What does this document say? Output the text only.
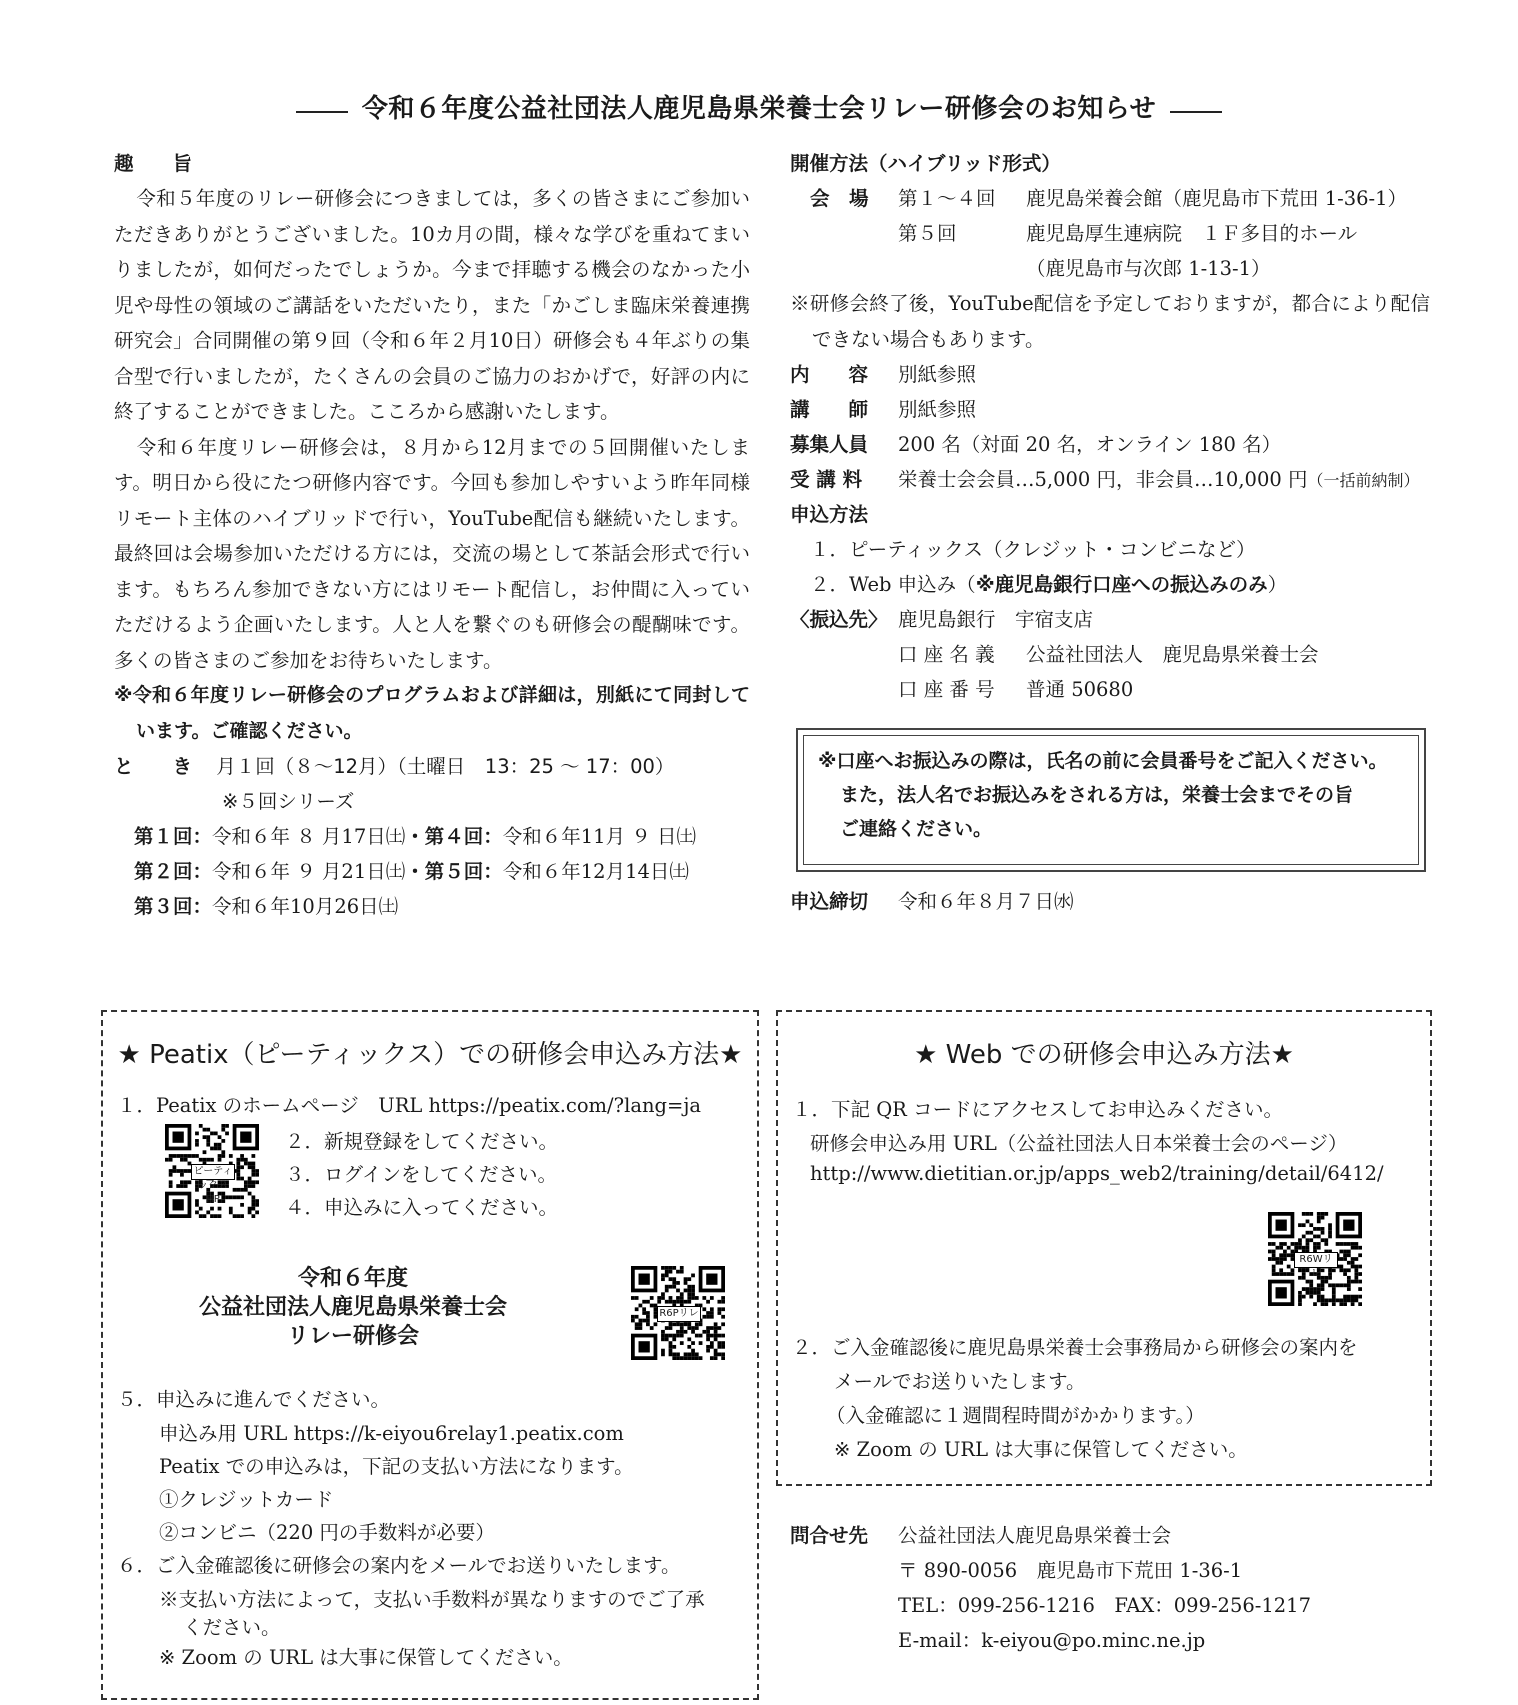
令和６年度公益社団法人鹿児島県栄養士会リレー研修会のお知らせ
趣　　旨
令和５年度のリレー研修会につきましては，多くの皆さまにご参加いただきありがとうございました。10カ月の間，様々な学びを重ねてまいりましたが，如何だったでしょうか。今まで拝聴する機会のなかった小児や母性の領域のご講話をいただいたり，また「かごしま臨床栄養連携研究会」合同開催の第９回（令和６年２月10日）研修会も４年ぶりの集合型で行いましたが，たくさんの会員のご協力のおかげで，好評の内に終了することができました。こころから感謝いたします。
令和６年度リレー研修会は，８月から12月までの５回開催いたします。明日から役にたつ研修内容です。今回も参加しやすいよう昨年同様リモート主体のハイブリッドで行い，YouTube配信も継続いたします。最終回は会場参加いただける方には，交流の場として茶話会形式で行います。もちろん参加できない方にはリモート配信し，お仲間に入っていただけるよう企画いたします。人と人を繋ぐのも研修会の醍醐味です。多くの皆さまのご参加をお待ちいたします。
※令和６年度リレー研修会のプログラムおよび詳細は，別紙にて同封しています。ご確認ください。
と　　き 月１回（８～12月）（土曜日　13：25 ～ 17：00）
※５回シリーズ
第１回：令和６年 ８ 月17日㈯・第４回：令和６年11月 ９ 日㈯
第２回：令和６年 ９ 月21日㈯・第５回：令和６年12月14日㈯
第３回：令和６年10月26日㈯
開催方法（ハイブリッド形式）
会　場 第１～４回 鹿児島栄養会館（鹿児島市下荒田 1-36-1）
第５回	鹿児島厚生連病院　１Ｆ多目的ホール
（鹿児島市与次郎 1-13-1）
※研修会終了後，YouTube配信を予定しておりますが，都合により配信できない場合もあります。
内　　容 別紙参照
講　　師 別紙参照
募集人員 200 名（対面 20 名，オンライン 180 名）
受 講 料 栄養士会会員…5,000 円，非会員…10,000 円（一括前納制）
申込方法
１．ピーティックス（クレジット・コンビニなど）
２．Web 申込み（※鹿児島銀行口座への振込みのみ）
〈振込先〉 鹿児島銀行　宇宿支店
口 座 名 義 公益社団法人　鹿児島県栄養士会
口 座 番 号 普通 50680
※口座へお振込みの際は，氏名の前に会員番号をご記入ください。
また，法人名でお振込みをされる方は，栄養士会までその旨
ご連絡ください。
申込締切 令和６年８月７日㈬
★ Peatix（ピーティックス）での研修会申込み方法★
１．Peatix のホームページ　URL https://peatix.com/?lang=ja
ピーティックスHP
２．新規登録をしてください。
３．ログインをしてください。
４．申込みに入ってください。
令和６年度
公益社団法人鹿児島県栄養士会
リレー研修会
R6Pリレ
５．申込みに進んでください。
申込み用 URL https://k-eiyou6relay1.peatix.com
Peatix での申込みは，下記の支払い方法になります。
①クレジットカード
②コンビニ（220 円の手数料が必要）
６．ご入金確認後に研修会の案内をメールでお送りいたします。
※支払い方法によって，支払い手数料が異なりますのでご了承
ください。
※ Zoom の URL は大事に保管してください。
★ Web での研修会申込み方法★
１．下記 QR コードにアクセスしてお申込みください。
研修会申込み用 URL（公益社団法人日本栄養士会のページ）
http://www.dietitian.or.jp/apps_web2/training/detail/6412/
R6Wリレ
２．ご入金確認後に鹿児島県栄養士会事務局から研修会の案内を
メールでお送りいたします。
（入金確認に１週間程時間がかかります。）
※ Zoom の URL は大事に保管してください。
問合せ先 公益社団法人鹿児島県栄養士会
〒 890-0056　鹿児島市下荒田 1-36-1
TEL：099-256-1216　FAX：099-256-1217
E-mail：k-eiyou@po.minc.ne.jp
